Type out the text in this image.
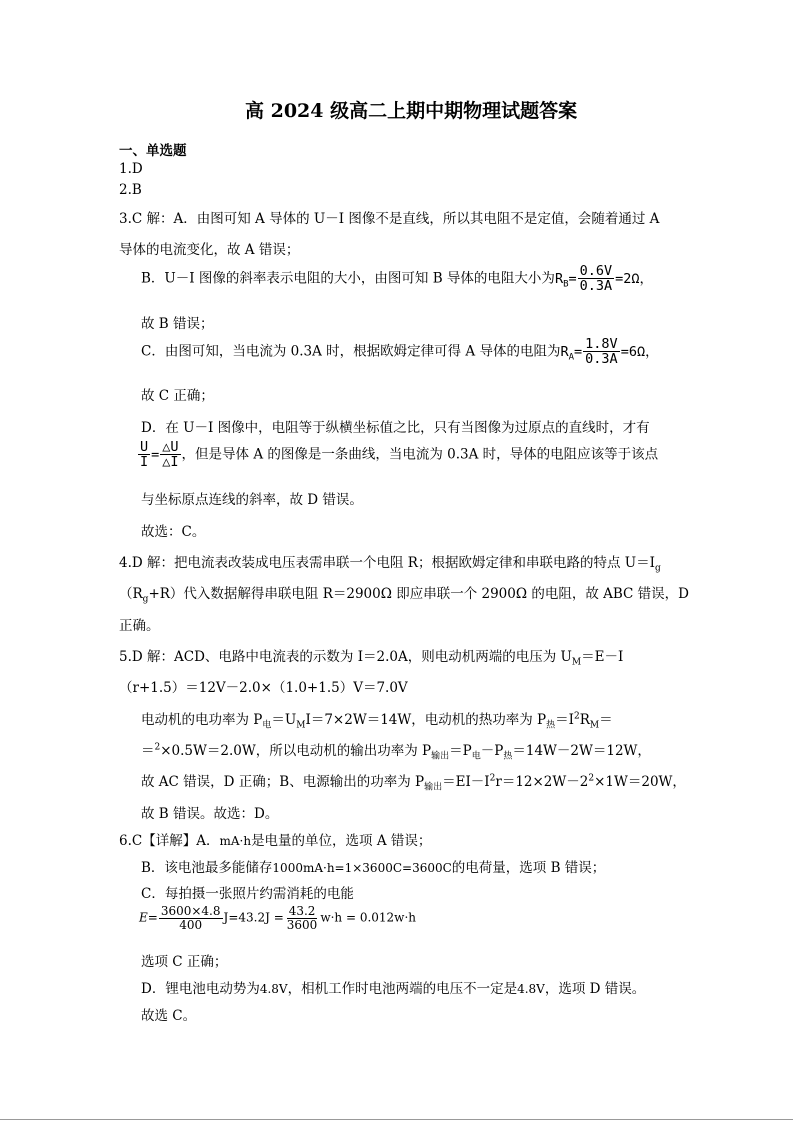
高 2024 级高二上期中期物理试题答案
一、单选题
1.D
2.B
3.C 解：A．由图可知 A 导体的 U－I 图像不是直线，所以其电阻不是定值，会随着通过 A
导体的电流变化，故 A 错误；
B．U－I 图像的斜率表示电阻的大小，由图可知 B 导体的电阻大小为$R_B= \frac{0.6V}{0.3A} =2\Omega$，
故 B 错误；
C．由图可知，当电流为 0.3A 时，根据欧姆定律可得 A 导体的电阻为$R_A= \frac{1.8V}{0.3A} =6\Omega$，
故 C 正确；
D．在 U－I 图像中，电阻等于纵横坐标值之比，只有当图像为过原点的直线时，才有
$\frac{U}{I} = \frac{\triangle U}{\triangle I}$ ，但是导体 A 的图像是一条曲线，当电流为 0.3A 时，导体的电阻应该等于该点
与坐标原点连线的斜率，故 D 错误。
故选：C。
4.D 解：把电流表改装成电压表需串联一个电阻 R；根据欧姆定律和串联电路的特点 $U=I_g$
$(R_g+R)$代入数据解得串联电阻 R＝2900Ω 即应串联一个 2900Ω 的电阻，故 ABC 错误，D
正确。
5.D 解：ACD、电路中电流表的示数为 I＝2.0A，则电动机两端的电压为 $U_M=E-I$
（r+1.5）＝12V－2.0×（1.0+1.5）V＝7.0V
电动机的电功率为 $P_电=U_MI=7\times 2W=14W$，电动机的热功率为 $P_热=I^2R_M=$
＝$^2$×0.5W＝2.0W，所以电动机的输出功率为 $P_{输出}=P_电-P_热=14W-2W=12W$，
故 AC 错误，D 正确；B、电源输出的功率为 $P_{输出}=EI-I^2r=12\times 2W-2^2\times 1W=20W$，
故 B 错误。故选：D。
6.C【详解】A．mA·h是电量的单位，选项 A 错误；
B．该电池最多能储存1000mA·h=1×3600C=3600C的电荷量，选项 B 错误；
C．每拍摄一张照片约需消耗的电能
$E= \frac{3600\times 4.8}{400} J=43.2J = \frac{43.2}{3600} w\cdot h = 0.012w\cdot h$
选项 C 正确；
D．锂电池电动势为4.8V，相机工作时电池两端的电压不一定是4.8V，选项 D 错误。
故选 C。
